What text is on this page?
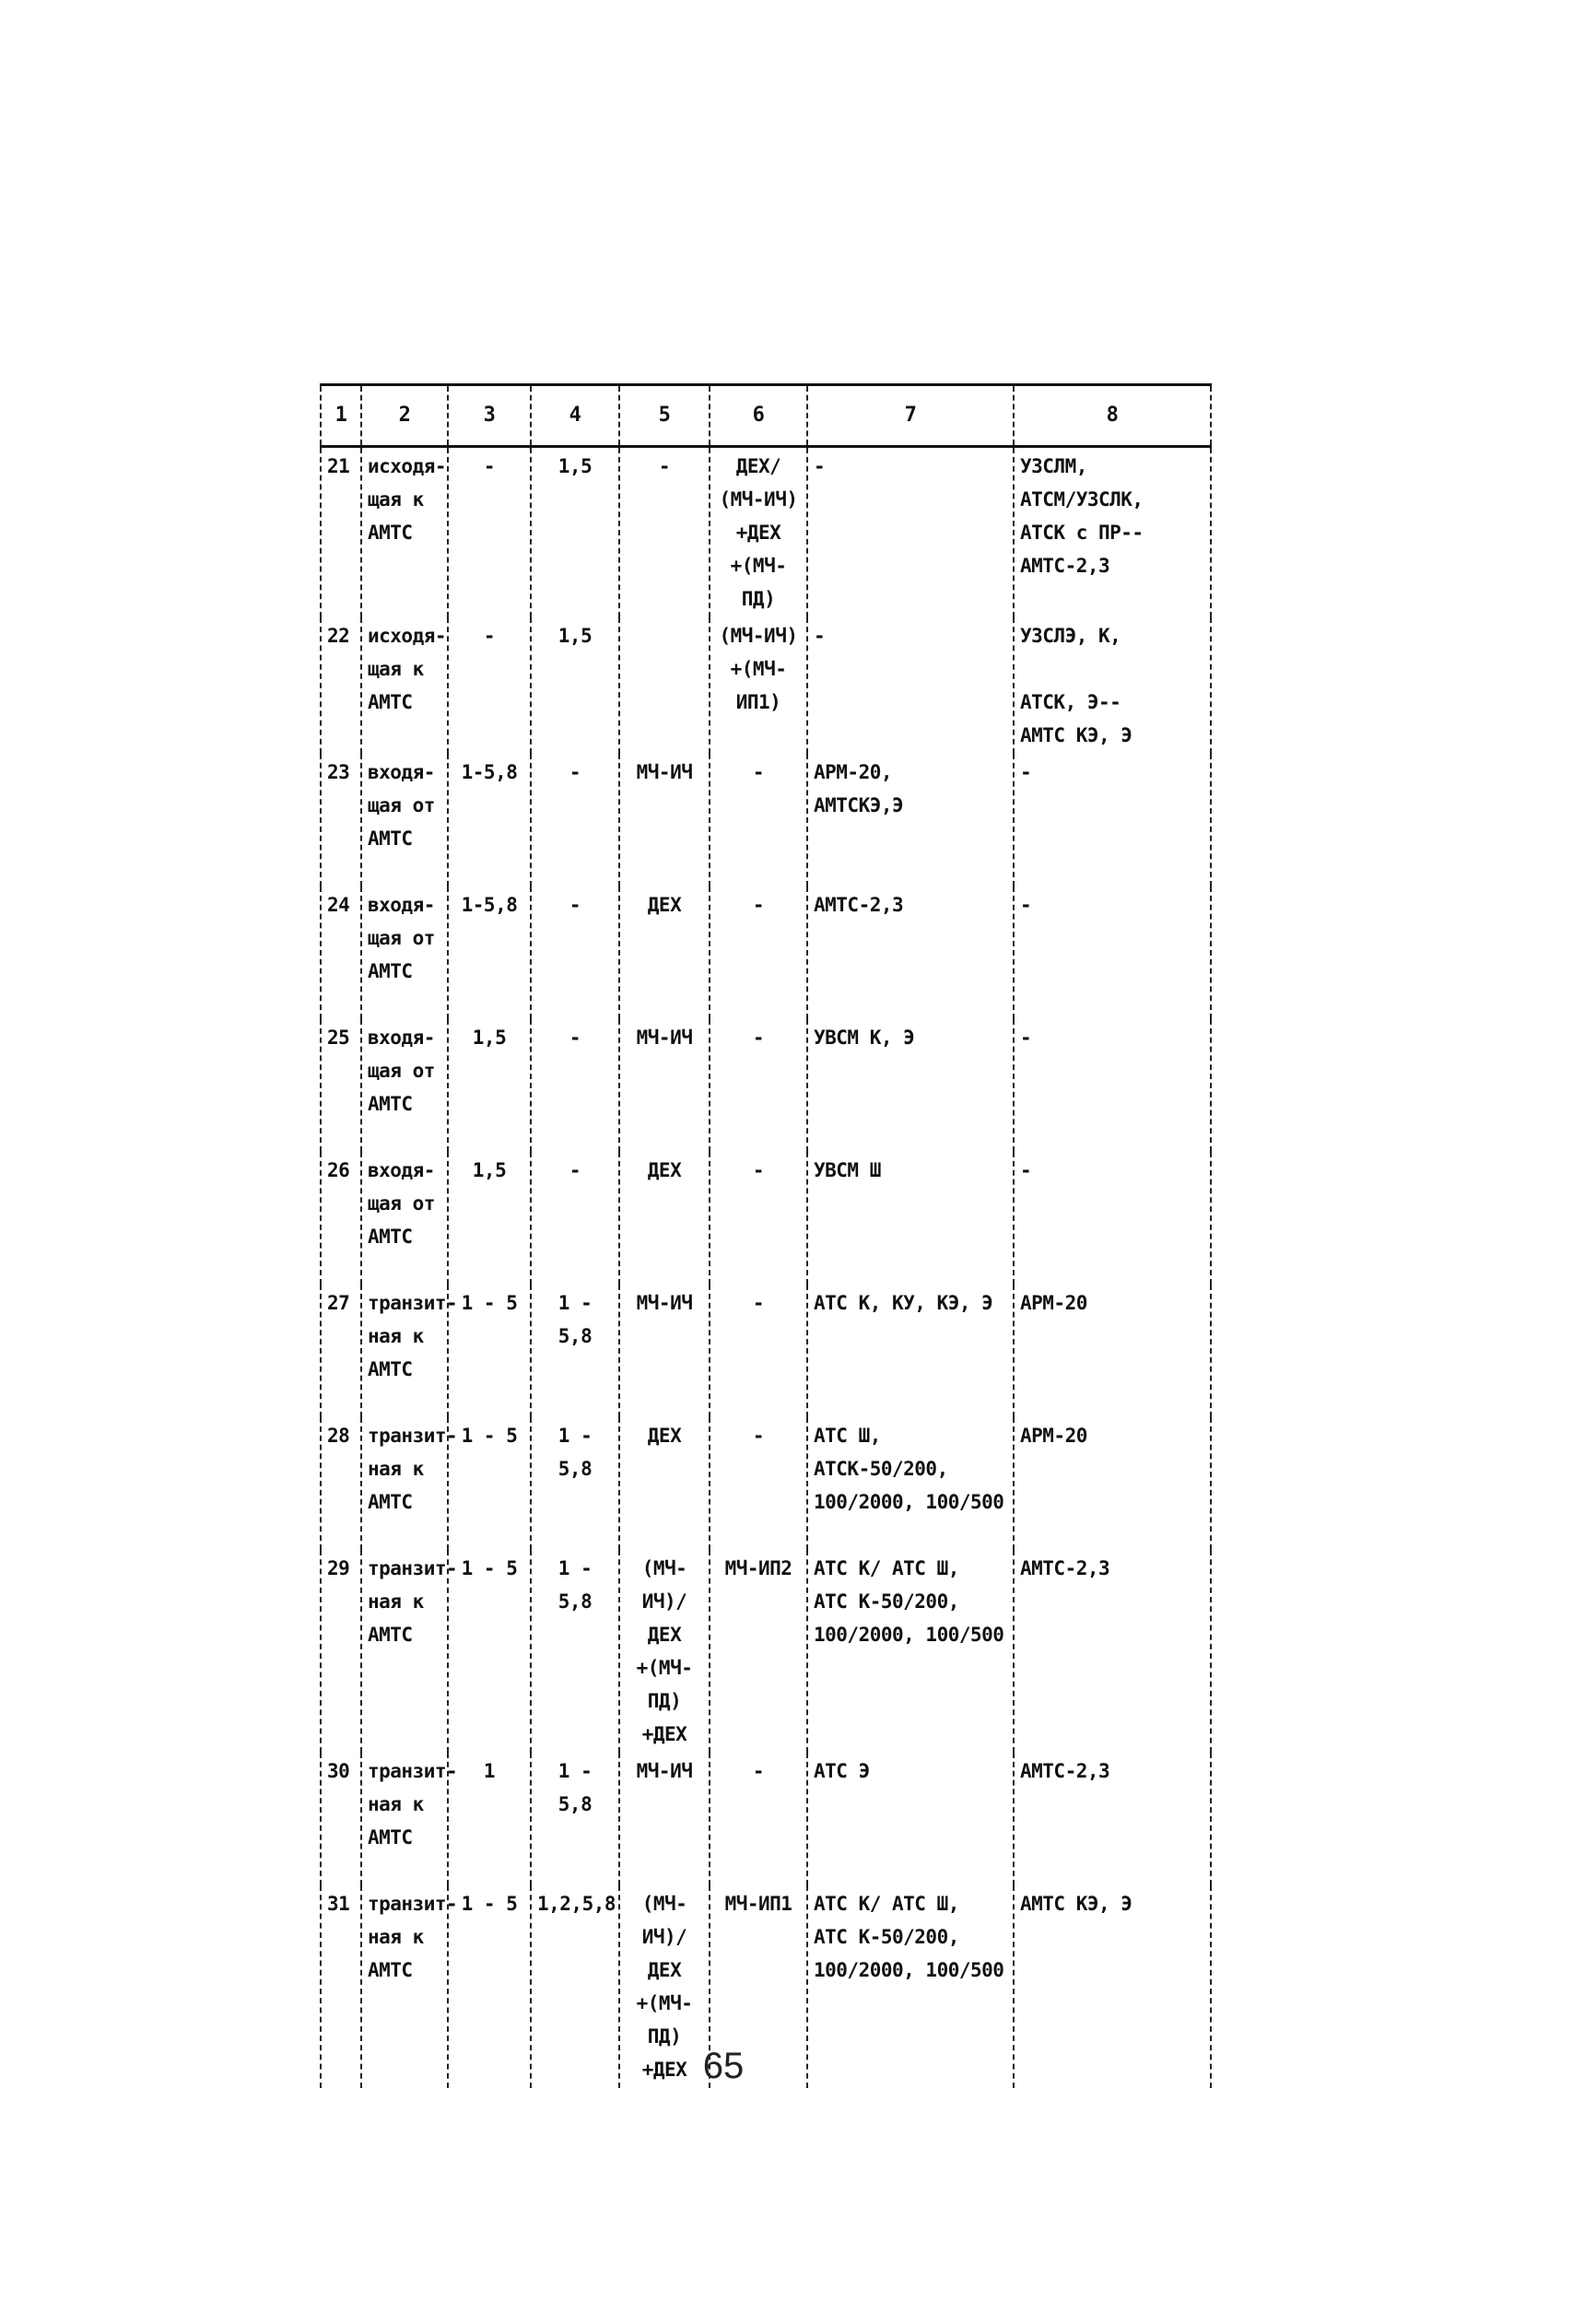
1	2	3	4	5	6	7	8
21	исходя-
щая к
АМТС	-	1,5	-	ДЕХ/
(МЧ-ИЧ)
+ДЕХ
+(МЧ-ПД)	-	УЗСЛМ,
АТСМ/УЗСЛК,
АТСК с ПР--
АМТС-2,3
22	исходя-
щая к
АМТС	-	1,5		(МЧ-ИЧ)
+(МЧ-ИП1)	-	УЗСЛЭ, К,

АТСК, Э--
АМТС КЭ, Э
23	входя-
щая от
АМТС	1-5,8	-	МЧ-ИЧ	-	АРМ-20,
АМТСКЭ,Э	-
24	входя-
щая от
АМТС	1-5,8	-	ДЕХ	-	АМТС-2,3	-
25	входя-
щая от
АМТС	1,5	-	МЧ-ИЧ	-	УВСМ К, Э	-
26	входя-
щая от
АМТС	1,5	-	ДЕХ	-	УВСМ Ш	-
27	транзит-
ная к
АМТС	1 - 5	1 - 5,8	МЧ-ИЧ	-	АТС К, КУ, КЭ, Э	АРМ-20
28	транзит-
ная к
АМТС	1 - 5	1 - 5,8	ДЕХ	-	АТС Ш, АТСК-50/200,
100/2000, 100/500	АРМ-20
29	транзит-
ная к
АМТС	1 - 5	1 - 5,8	(МЧ-ИЧ)/
ДЕХ
+(МЧ-ПД)
+ДЕХ	МЧ-ИП2	АТС К/ АТС Ш,
АТС К-50/200,
100/2000, 100/500	АМТС-2,3
30	транзит-
ная к
АМТС	1	1 - 5,8	МЧ-ИЧ	-	АТС Э	АМТС-2,3
31	транзит-
ная к
АМТС	1 - 5	1,2,5,8	(МЧ-ИЧ)/
ДЕХ
+(МЧ-ПД)
+ДЕХ	МЧ-ИП1	АТС К/ АТС Ш,
АТС К-50/200,
100/2000, 100/500	АМТС КЭ, Э
65
